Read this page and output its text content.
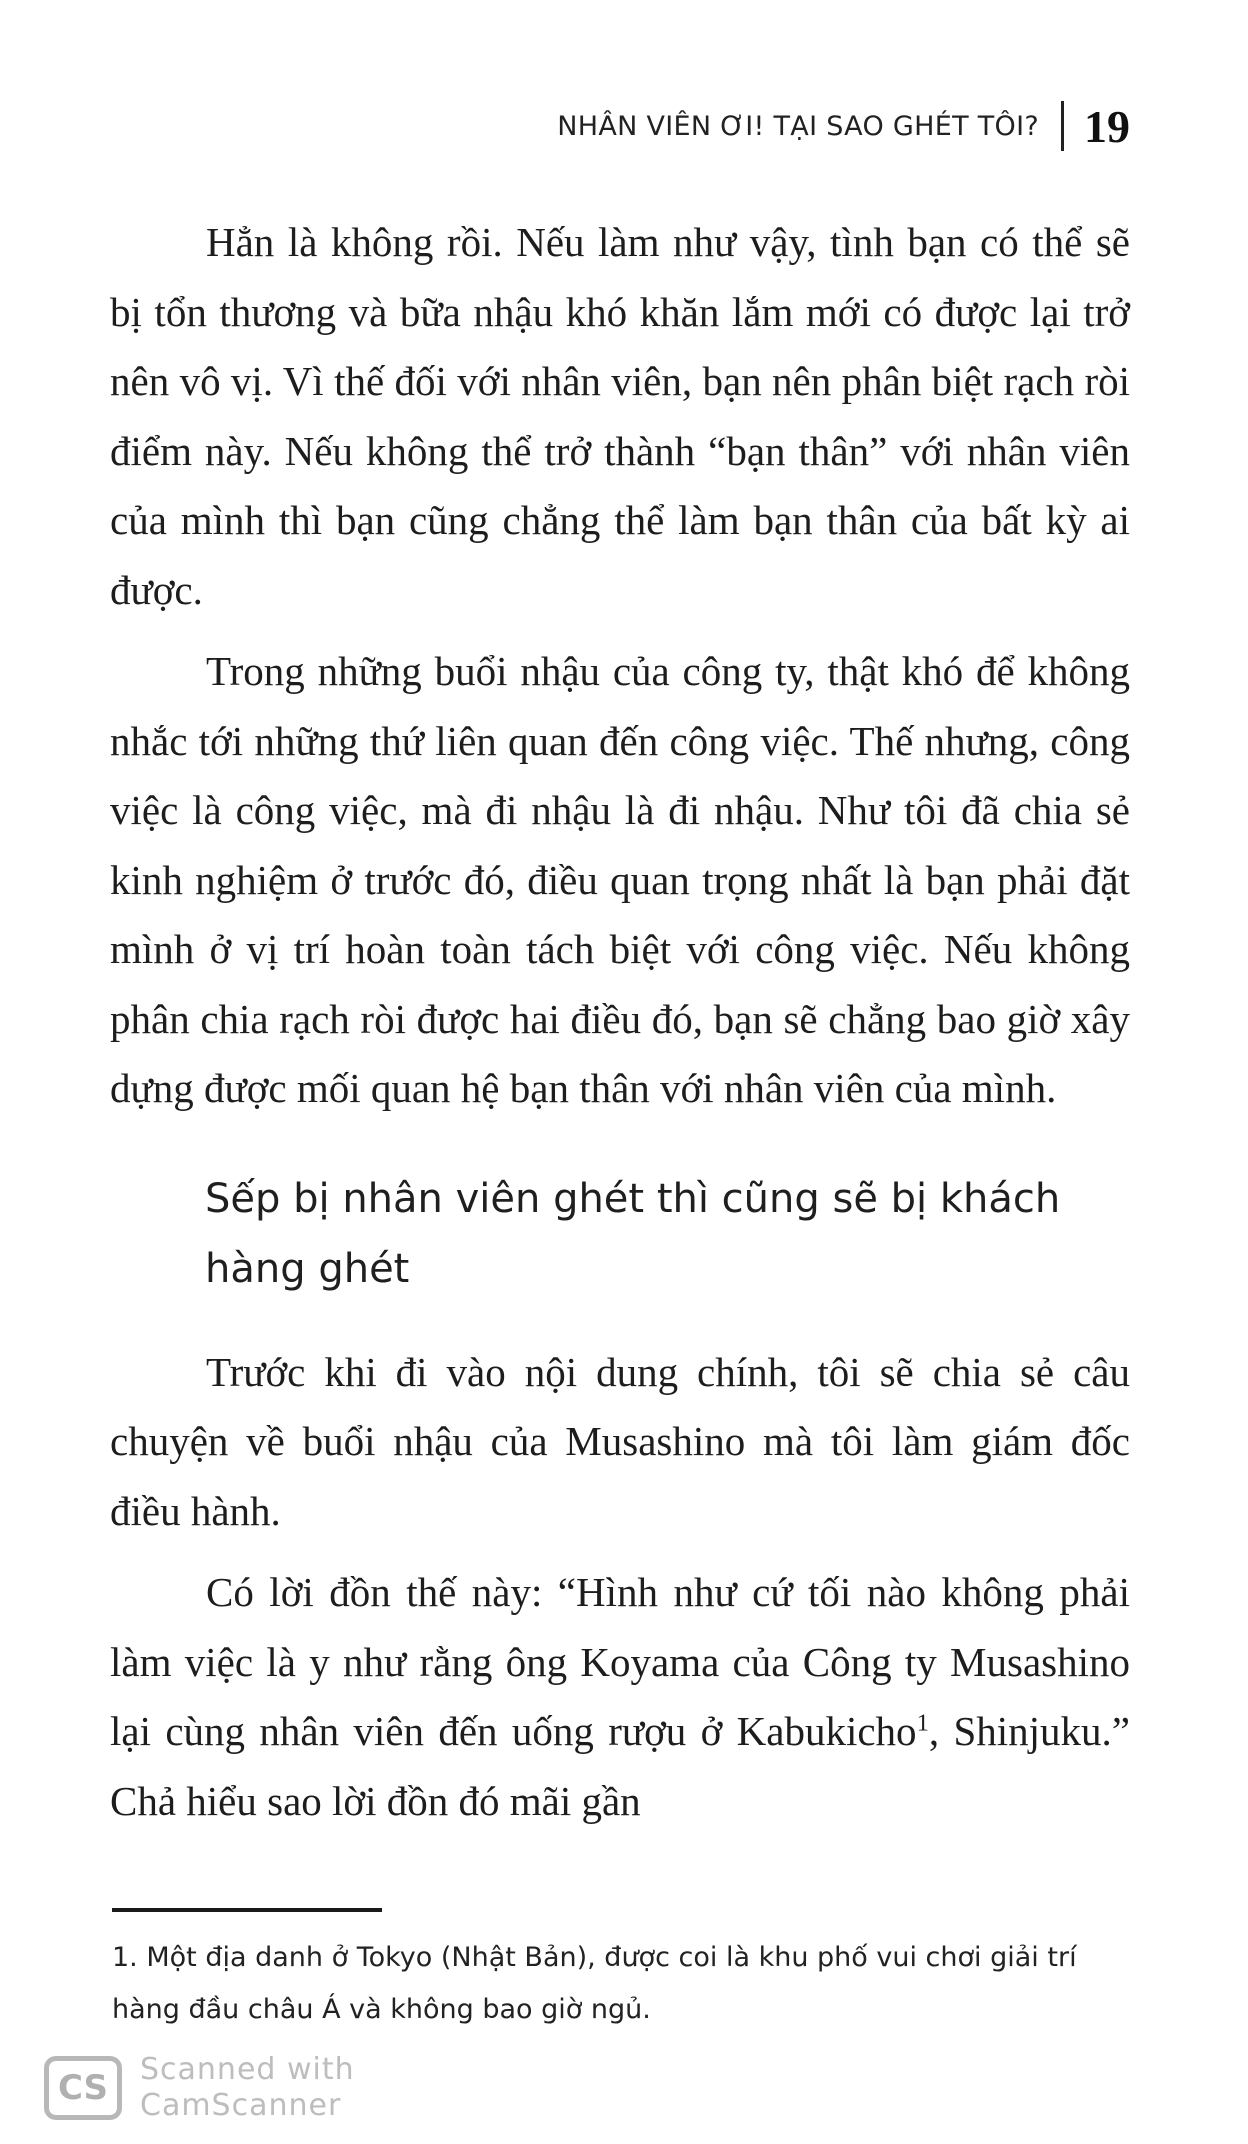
NHÂN VIÊN ƠI! TẠI SAO GHÉT TÔI? 19

Hẳn là không rồi. Nếu làm như vậy, tình bạn có thể sẽ bị tổn thương và bữa nhậu khó khăn lắm mới có được lại trở nên vô vị. Vì thế đối với nhân viên, bạn nên phân biệt rạch ròi điểm này. Nếu không thể trở thành “bạn thân” với nhân viên của mình thì bạn cũng chẳng thể làm bạn thân của bất kỳ ai được.

Trong những buổi nhậu của công ty, thật khó để không nhắc tới những thứ liên quan đến công việc. Thế nhưng, công việc là công việc, mà đi nhậu là đi nhậu. Như tôi đã chia sẻ kinh nghiệm ở trước đó, điều quan trọng nhất là bạn phải đặt mình ở vị trí hoàn toàn tách biệt với công việc. Nếu không phân chia rạch ròi được hai điều đó, bạn sẽ chẳng bao giờ xây dựng được mối quan hệ bạn thân với nhân viên của mình.

Sếp bị nhân viên ghét thì cũng sẽ bị khách hàng ghét

Trước khi đi vào nội dung chính, tôi sẽ chia sẻ câu chuyện về buổi nhậu của Musashino mà tôi làm giám đốc điều hành.

Có lời đồn thế này: “Hình như cứ tối nào không phải làm việc là y như rằng ông Koyama của Công ty Musashino lại cùng nhân viên đến uống rượu ở Kabukicho$^1$, Shinjuku.” Chả hiểu sao lời đồn đó mãi gần

1. Một địa danh ở Tokyo (Nhật Bản), được coi là khu phố vui chơi giải trí hàng đầu châu Á và không bao giờ ngủ.
CS Scanned with
CamScanner
